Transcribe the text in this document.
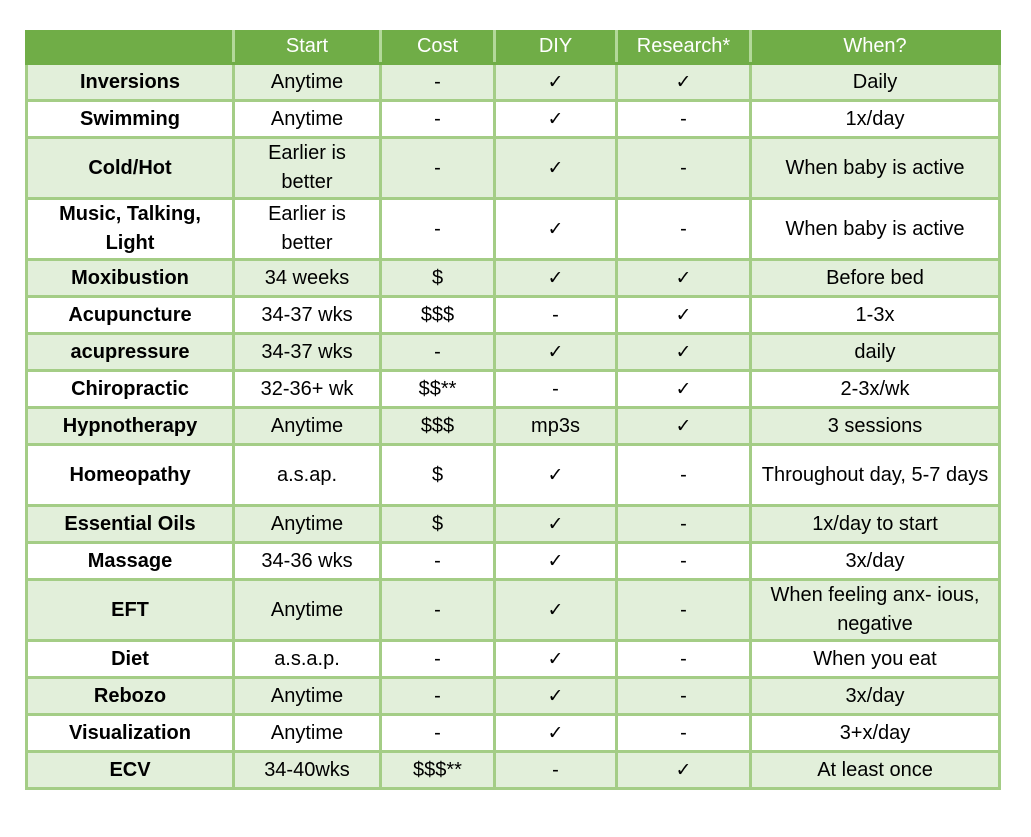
	Start	Cost	DIY	Research*	When?
Inversions	Anytime	-	✓	✓	Daily
Swimming	Anytime	-	✓	-	1x/day
Cold/Hot	Earlier is better	-	✓	-	When baby is active
Music, Talking, Light	Earlier is better	-	✓	-	When baby is active
Moxibustion	34 weeks	$	✓	✓	Before bed
Acupuncture	34-37 wks	$$$	-	✓	1-3x
acupressure	34-37 wks	-	✓	✓	daily
Chiropractic	32-36+ wk	$$**	-	✓	2-3x/wk
Hypnotherapy	Anytime	$$$	mp3s	✓	3 sessions
Homeopathy	a.s.ap.	$	✓	-	Throughout day, 5-7 days
Essential Oils	Anytime	$	✓	-	1x/day to start
Massage	34-36 wks	-	✓	-	3x/day
EFT	Anytime	-	✓	-	When feeling anx- ious, negative
Diet	a.s.a.p.	-	✓	-	When you eat
Rebozo	Anytime	-	✓	-	3x/day
Visualization	Anytime	-	✓	-	3+x/day
ECV	34-40wks	$$$**	-	✓	At least once
